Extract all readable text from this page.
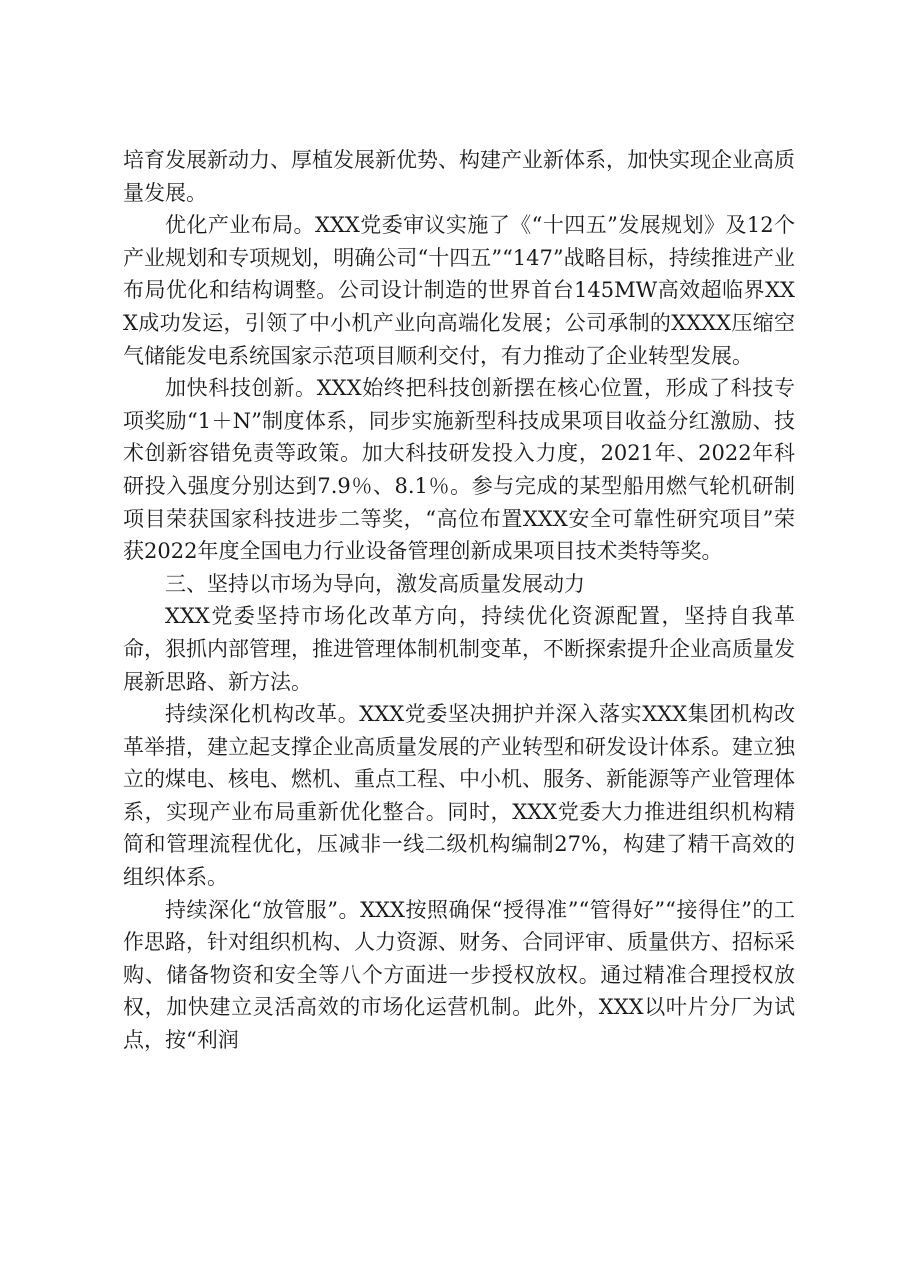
培育发展新动力、厚植发展新优势、构建产业新体系，加快实现企业高质量发展。

优化产业布局。XXX党委审议实施了《“十四五”发展规划》及12个产业规划和专项规划，明确公司“十四五”“147”战略目标，持续推进产业布局优化和结构调整。公司设计制造的世界首台145MW高效超临界XXX成功发运，引领了中小机产业向高端化发展；公司承制的XXXX压缩空气储能发电系统国家示范项目顺利交付，有力推动了企业转型发展。

加快科技创新。XXX始终把科技创新摆在核心位置，形成了科技专项奖励“1＋N”制度体系，同步实施新型科技成果项目收益分红激励、技术创新容错免责等政策。加大科技研发投入力度，2021年、2022年科研投入强度分别达到7.9％、8.1％。参与完成的某型船用燃气轮机研制项目荣获国家科技进步二等奖，“高位布置XXX安全可靠性研究项目”荣获2022年度全国电力行业设备管理创新成果项目技术类特等奖。

三、坚持以市场为导向，激发高质量发展动力

XXX党委坚持市场化改革方向，持续优化资源配置，坚持自我革命，狠抓内部管理，推进管理体制机制变革，不断探索提升企业高质量发展新思路、新方法。

持续深化机构改革。XXX党委坚决拥护并深入落实XXX集团机构改革举措，建立起支撑企业高质量发展的产业转型和研发设计体系。建立独立的煤电、核电、燃机、重点工程、中小机、服务、新能源等产业管理体系，实现产业布局重新优化整合。同时，XXX党委大力推进组织机构精简和管理流程优化，压减非一线二级机构编制27%，构建了精干高效的组织体系。

持续深化“放管服”。XXX按照确保“授得准”“管得好”“接得住”的工作思路，针对组织机构、人力资源、财务、合同评审、质量供方、招标采购、储备物资和安全等八个方面进一步授权放权。通过精准合理授权放权，加快建立灵活高效的市场化运营机制。此外，XXX以叶片分厂为试点，按“利润
